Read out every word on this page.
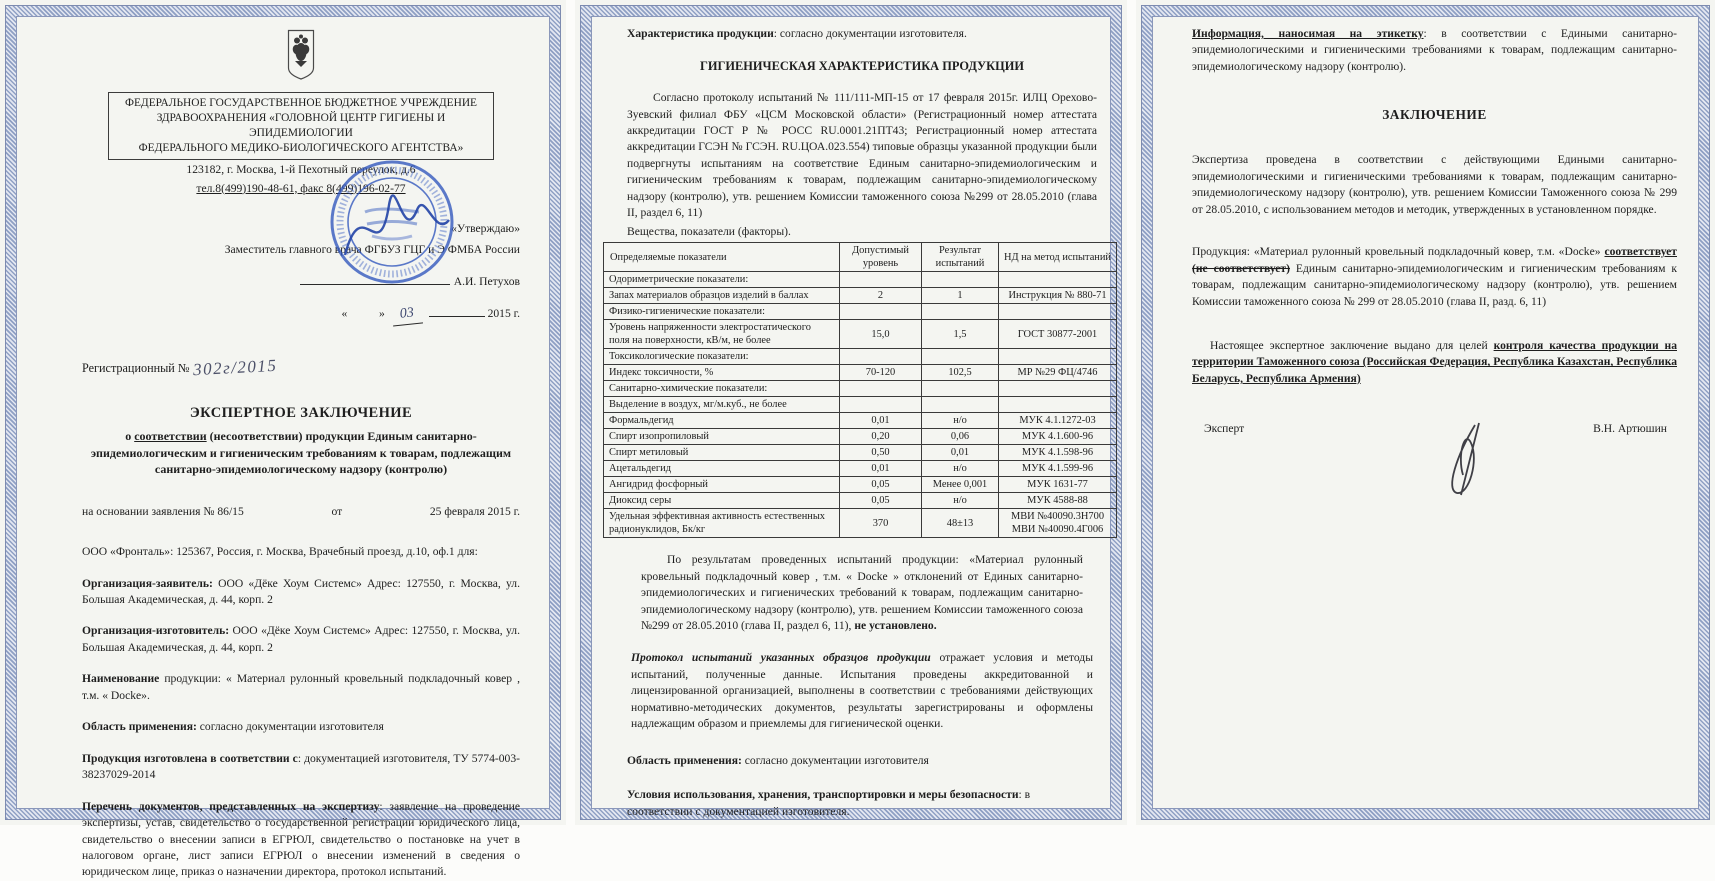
ФЕДЕРАЛЬНОЕ ГОСУДАРСТВЕННОЕ БЮДЖЕТНОЕ УЧРЕЖДЕНИЕ
ЗДРАВООХРАНЕНИЯ «ГОЛОВНОЙ ЦЕНТР ГИГИЕНЫ И ЭПИДЕМИОЛОГИИ
ФЕДЕРАЛЬНОГО МЕДИКО-БИОЛОГИЧЕСКОГО АГЕНТСТВА»
123182, г. Москва, 1-й Пехотный переулок, д.6
тел.8(499)190-48-61, факс 8(499)196-02-77
«Утверждаю»
Заместитель главного врача ФГБУЗ ГЦГ и Э ФМБА России
А.И. Петухов
«	» 03	2015 г.
Регистрационный № 302г/2015
ЭКСПЕРТНОЕ ЗАКЛЮЧЕНИЕ
о соответствии (несоответствии) продукции Единым санитарно-эпидемиологическим и гигиеническим требованиям к товарам, подлежащим санитарно-эпидемиологическому надзору (контролю)
на основании заявления № 86/15	от	25 февраля 2015 г.
ООО «Фронталь»: 125367, Россия, г. Москва, Врачебный проезд, д.10, оф.1 для:
Организация-заявитель: ООО «Дёке Хоум Системс» Адрес: 127550, г. Москва, ул. Большая Академическая, д. 44, корп. 2
Организация-изготовитель: ООО «Дёке Хоум Системс» Адрес: 127550, г. Москва, ул. Большая Академическая, д. 44, корп. 2
Наименование продукции: « Материал рулонный кровельный подкладочный ковер , т.м. « Docke».
Область применения: согласно документации изготовителя
Продукция изготовлена в соответствии с: документацией изготовителя, ТУ 5774-003-38237029-2014
Перечень документов, представленных на экспертизу: заявление на проведение экспертизы, устав, свидетельство о государственной регистрации юридического лица, свидетельство о внесении записи в ЕГРЮЛ, свидетельство о постановке на учет в налоговом органе, лист записи ЕГРЮЛ о внесении изменений в сведения о юридическом лице, приказ о назначении директора, протокол испытаний.
Характеристика продукции: согласно документации изготовителя.
ГИГИЕНИЧЕСКАЯ ХАРАКТЕРИСТИКА ПРОДУКЦИИ
Согласно протоколу испытаний № 111/111-МП-15 от 17 февраля 2015г. ИЛЦ Орехово-Зуевский филиал ФБУ «ЦСМ Московской области» (Регистрационный номер аттестата аккредитации ГОСТ Р № РОСС RU.0001.21ПТ43; Регистрационный номер аттестата аккредитации ГСЭН № ГСЭН. RU.ЦОА.023.554) типовые образцы указанной продукции были подвергнуты испытаниям на соответствие Единым санитарно-эпидемиологическим и гигиеническим требованиям к товарам, подлежащим санитарно-эпидемиологическому надзору (контролю), утв. решением Комиссии таможенного союза №299 от 28.05.2010 (глава II, раздел 6, 11)
Вещества, показатели (факторы).
Определяемые показатели	Допустимый уровень	Результат испытаний	НД на метод испытаний
Одориметрические показатели:			
Запах материалов образцов изделий в баллах	2	1	Инструкция № 880-71
Физико-гигиенические показатели:			
Уровень напряженности электростатического поля на поверхности, кВ/м, не более	15,0	1,5	ГОСТ 30877-2001
Токсикологические показатели:			
Индекс токсичности, %	70-120	102,5	МР №29 ФЦ/4746
Санитарно-химические показатели:			
Выделение в воздух, мг/м.куб., не более			
Формальдегид	0,01	н/о	МУК 4.1.1272-03
Спирт изопропиловый	0,20	0,06	МУК 4.1.600-96
Спирт метиловый	0,50	0,01	МУК 4.1.598-96
Ацетальдегид	0,01	н/о	МУК 4.1.599-96
Ангидрид фосфорный	0,05	Менее 0,001	МУК 1631-77
Диоксид серы	0,05	н/о	МУК 4588-88
Удельная эффективная активность естественных радионуклидов, Бк/кг	370	48±13	МВИ №40090.3Н700 МВИ №40090.4Г006
По результатам проведенных испытаний продукции: «Материал рулонный кровельный подкладочный ковер , т.м. « Docke » отклонений от Единых санитарно-эпидемиологических и гигиенических требований к товарам, подлежащим санитарно-эпидемиологическому надзору (контролю), утв. решением Комиссии таможенного союза №299 от 28.05.2010 (глава II, раздел 6, 11), не установлено.
Протокол испытаний указанных образцов продукции отражает условия и методы испытаний, полученные данные. Испытания проведены аккредитованной и лицензированной организацией, выполнены в соответствии с требованиями действующих нормативно-методических документов, результаты зарегистрированы и оформлены надлежащим образом и приемлемы для гигиенической оценки.
Область применения: согласно документации изготовителя
Условия использования, хранения, транспортировки и меры безопасности: в соответствии с документацией изготовителя.
Информация, наносимая на этикетку: в соответствии с Едиными санитарно-эпидемиологическими и гигиеническими требованиями к товарам, подлежащим санитарно-эпидемиологическому надзору (контролю).
ЗАКЛЮЧЕНИЕ
Экспертиза проведена в соответствии с действующими Едиными санитарно-эпидемиологическими и гигиеническими требованиями к товарам, подлежащим санитарно-эпидемиологическому надзору (контролю), утв. решением Комиссии Таможенного союза № 299 от 28.05.2010, с использованием методов и методик, утвержденных в установленном порядке.
Продукция: «Материал рулонный кровельный подкладочный ковер, т.м. «Docke» соответствует (не соответствует) Единым санитарно-эпидемиологическим и гигиеническим требованиям к товарам, подлежащим санитарно-эпидемиологическому надзору (контролю), утв. решением Комиссии таможенного союза № 299 от 28.05.2010 (глава II, разд. 6, 11)
Настоящее экспертное заключение выдано для целей контроля качества продукции на территории Таможенного союза (Российская Федерация, Республика Казахстан, Республика Беларусь, Республика Армения)
Эксперт	В.Н. Артюшин
